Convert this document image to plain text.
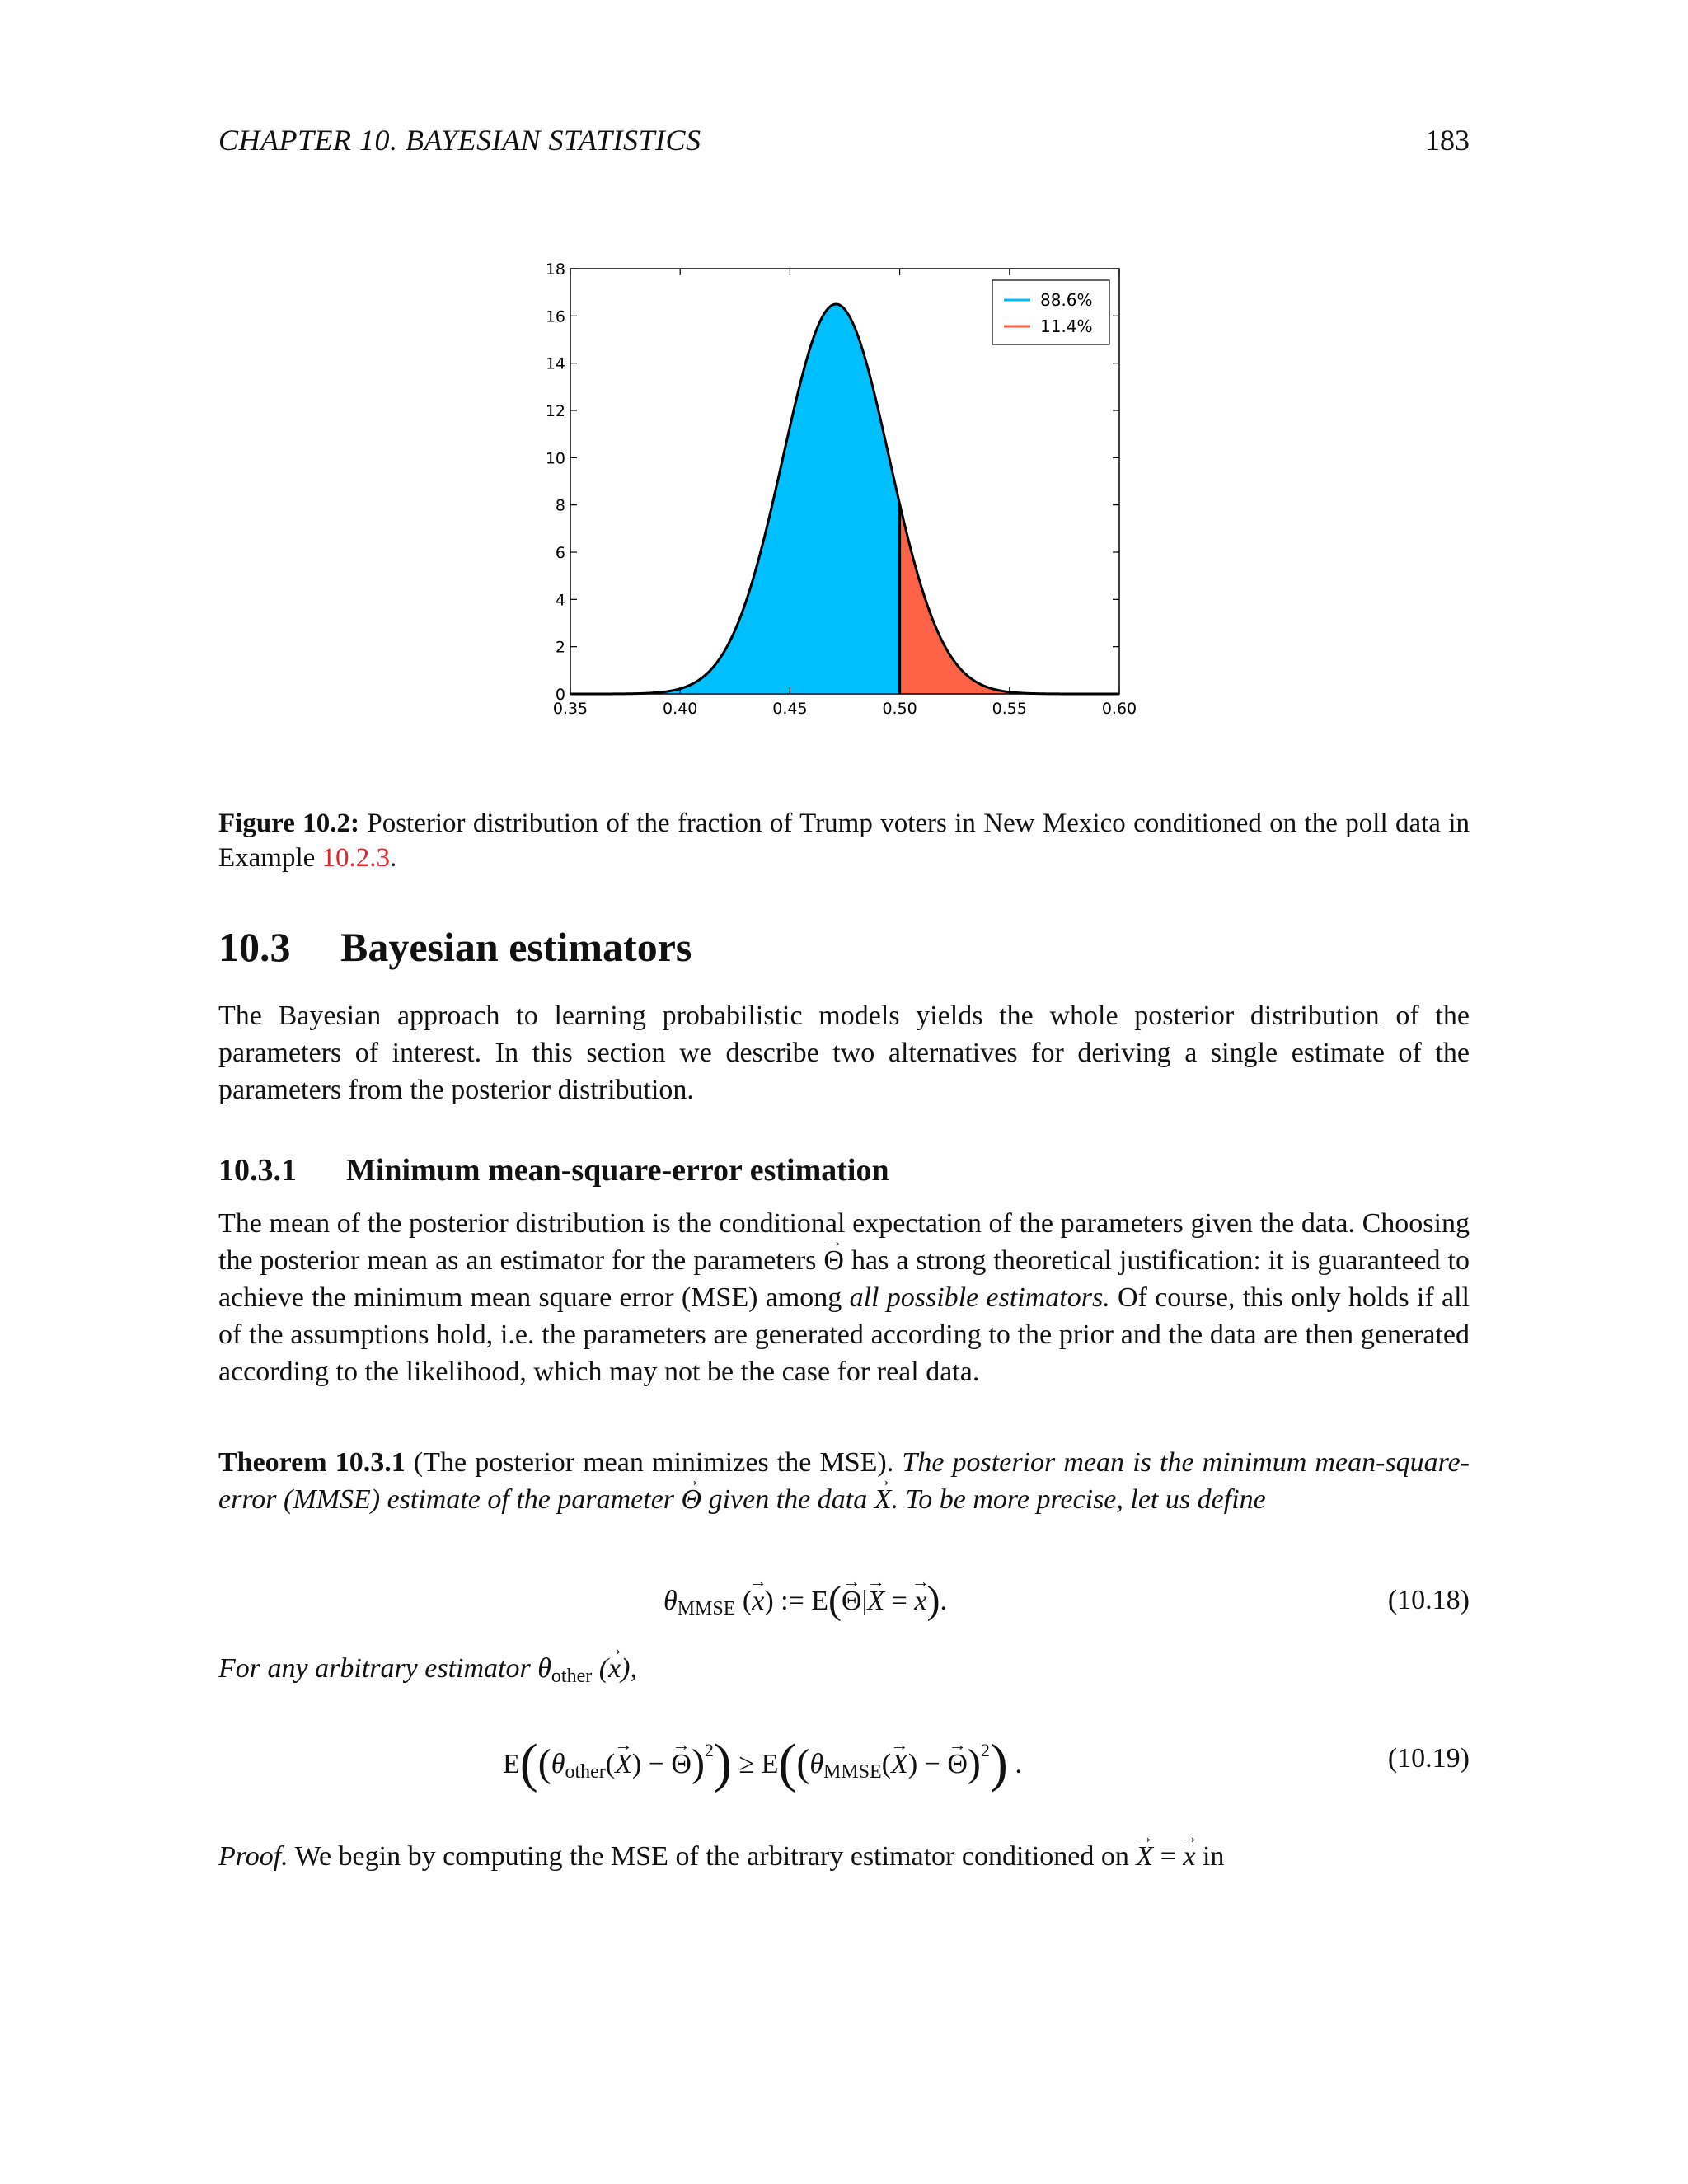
CHAPTER 10. BAYESIAN STATISTICS	183
0
2
4
6
8
10
12
14
16
18
0.35	0.40	0.45	0.50	0.55	0.60
88.6%
11.4%
Figure 10.2: Posterior distribution of the fraction of Trump voters in New Mexico conditioned on the poll data in Example 10.2.3.
10.3 Bayesian estimators
The Bayesian approach to learning probabilistic models yields the whole posterior distribution of the parameters of interest. In this section we describe two alternatives for deriving a single estimate of the parameters from the posterior distribution.
10.3.1 Minimum mean-square-error estimation
The mean of the posterior distribution is the conditional expectation of the parameters given the data. Choosing the posterior mean as an estimator for the parameters → Θ has a strong theoretical justification: it is guaranteed to achieve the minimum mean square error (MSE) among all possible estimators. Of course, this only holds if all of the assumptions hold, i.e. the parameters are generated according to the prior and the data are then generated according to the likelihood, which may not be the case for real data.
Theorem 10.3.1 (The posterior mean minimizes the MSE). The posterior mean is the minimum mean-square-error (MMSE) estimate of the parameter → Θ given the data → X. To be more precise, let us define
$\theta_{MMSE}$ (→ x) := E(→ Θ|→ X = → x).	(10.18)
For any arbitrary estimator $\theta_{other}$ (→ x),
$E((\theta_{other}(\to X)$ − → $\Theta)^2) \ge E((\theta_{MMSE}(\to X)$ − → Θ)$^2$) .	(10.19)
Proof. We begin by computing the MSE of the arbitrary estimator conditioned on → X = → x in
